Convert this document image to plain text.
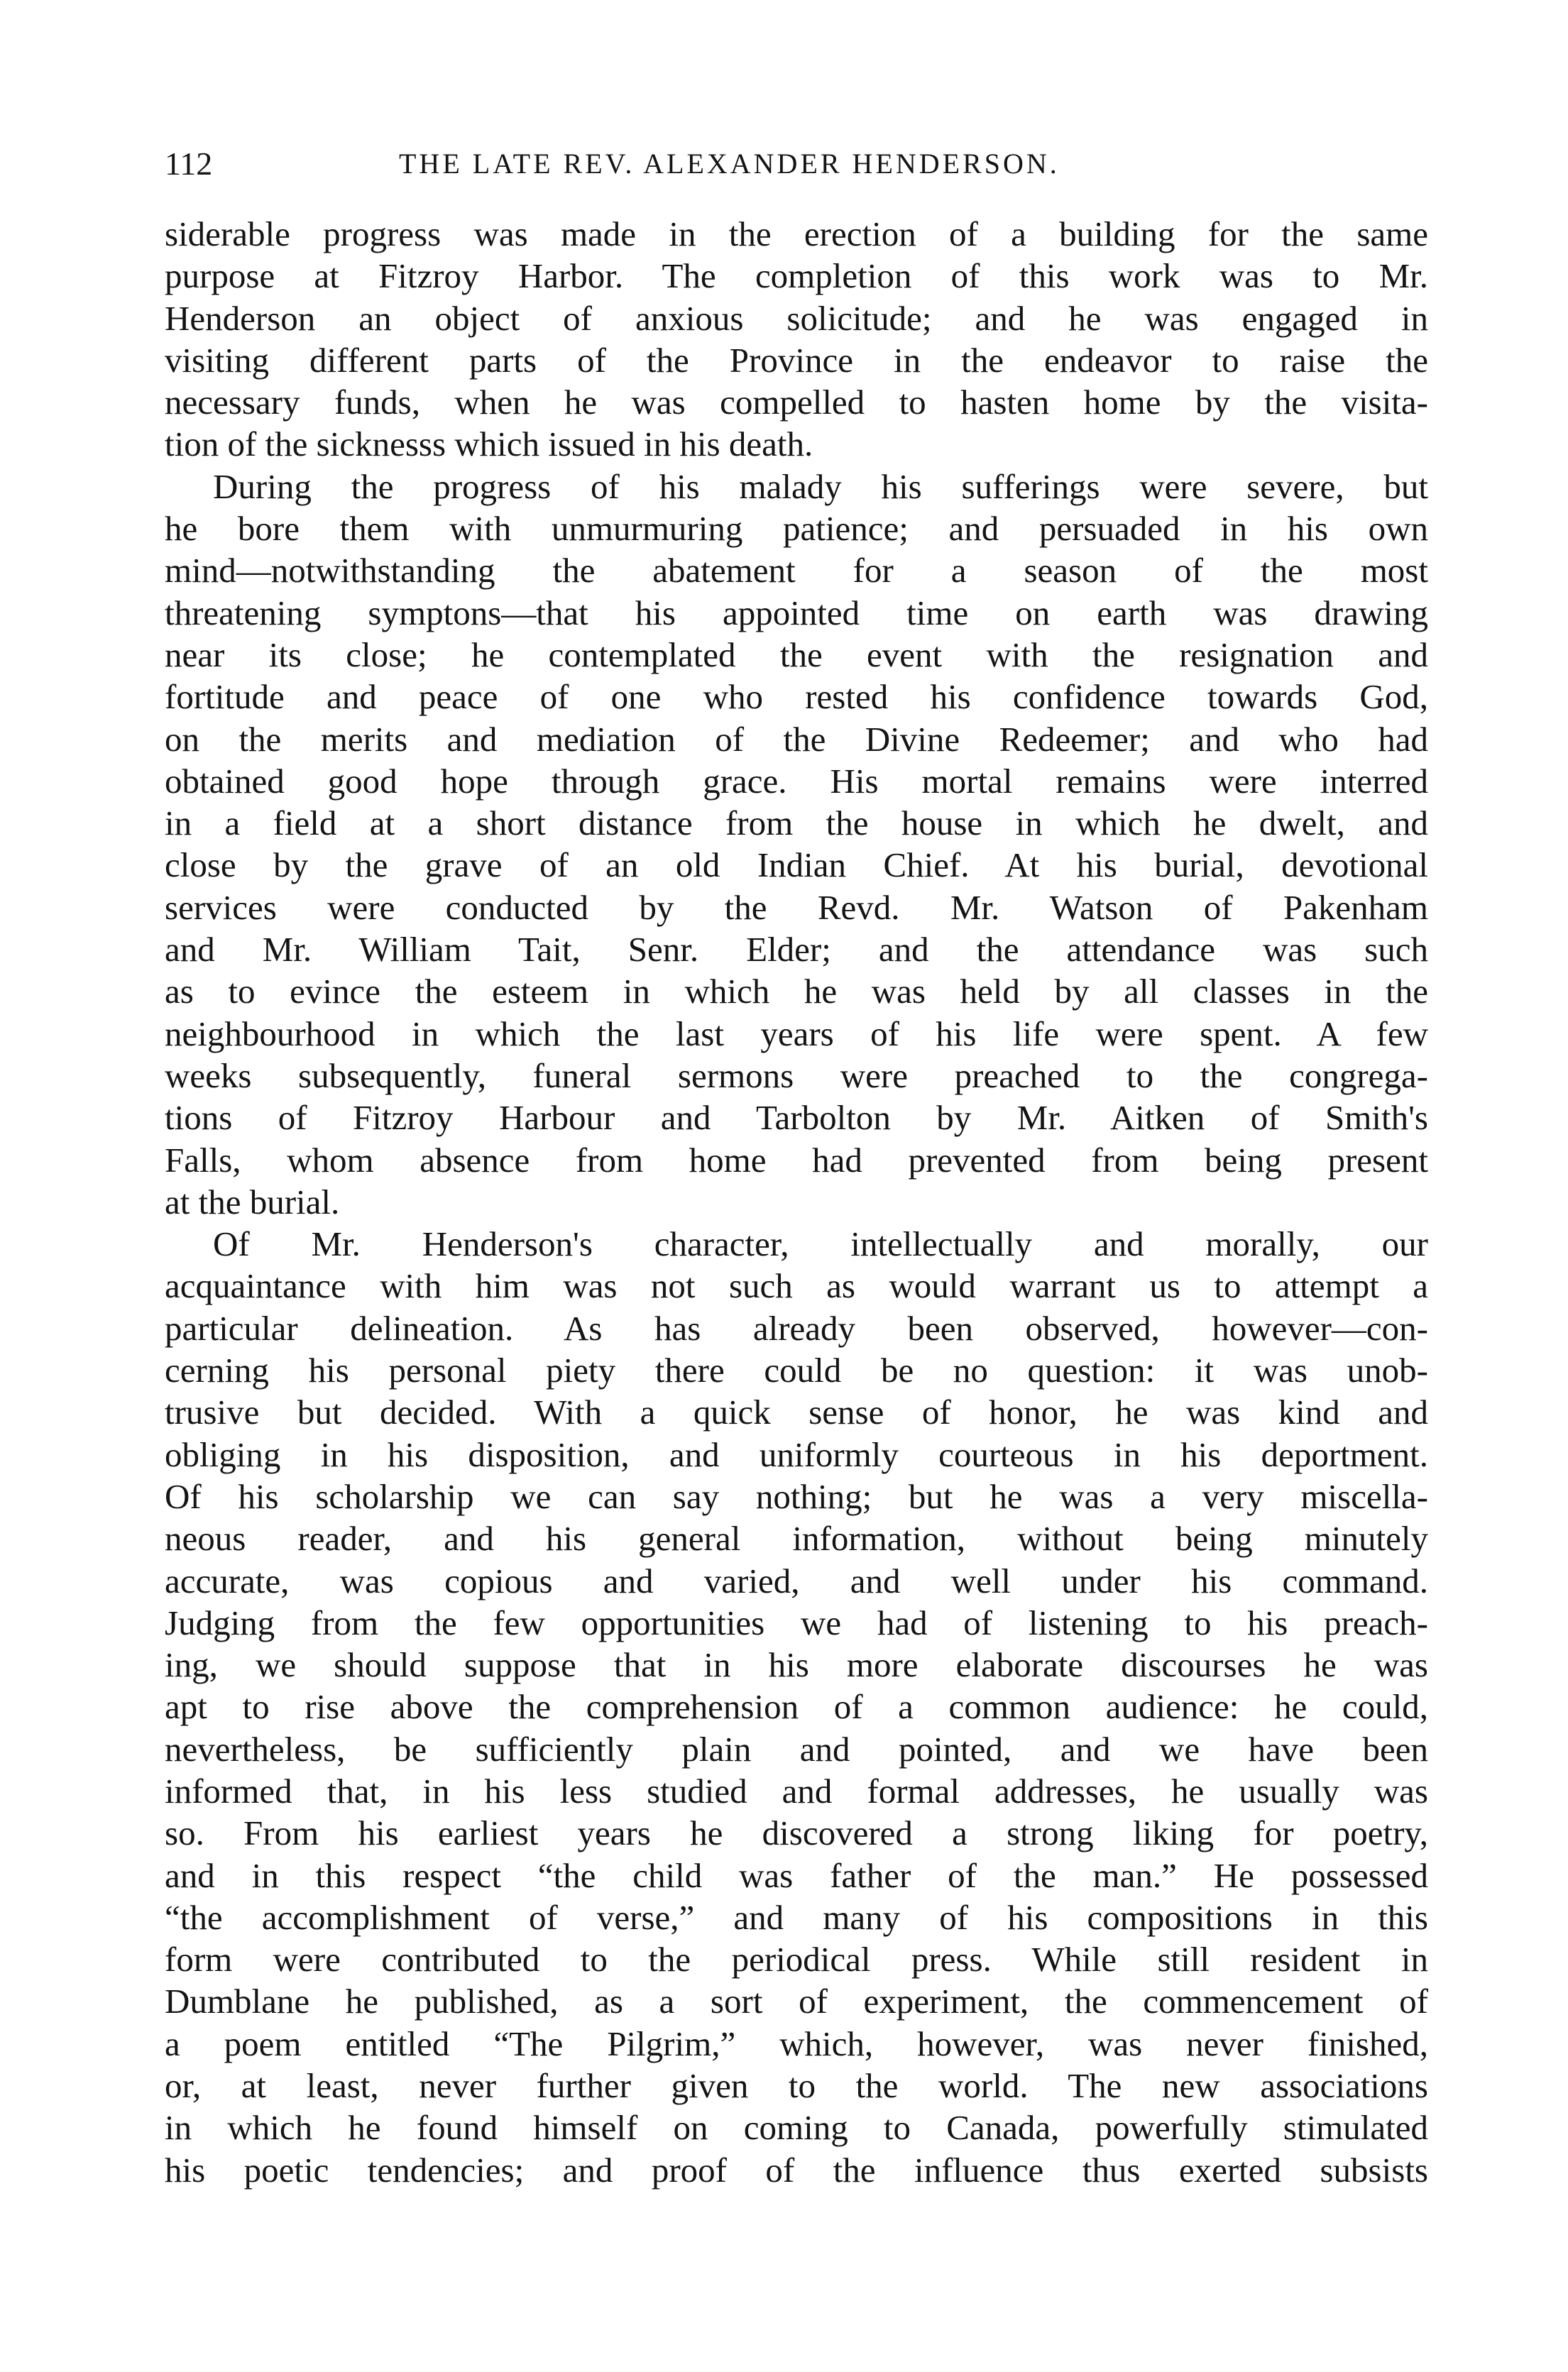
112	THE LATE REV. ALEXANDER HENDERSON.
siderable progress was made in the erection of a building for the same
purpose at Fitzroy Harbor. The completion of this work was to Mr.
Henderson an object of anxious solicitude; and he was engaged in
visiting different parts of the Province in the endeavor to raise the
necessary funds, when he was compelled to hasten home by the visita-
tion of the sicknesss which issued in his death.
During the progress of his malady his sufferings were severe, but
he bore them with unmurmuring patience; and persuaded in his own
mind—notwithstanding the abatement for a season of the most
threatening symptons—that his appointed time on earth was drawing
near its close; he contemplated the event with the resignation and
fortitude and peace of one who rested his confidence towards God,
on the merits and mediation of the Divine Redeemer; and who had
obtained good hope through grace. His mortal remains were interred
in a field at a short distance from the house in which he dwelt, and
close by the grave of an old Indian Chief. At his burial, devotional
services were conducted by the Revd. Mr. Watson of Pakenham
and Mr. William Tait, Senr. Elder; and the attendance was such
as to evince the esteem in which he was held by all classes in the
neighbourhood in which the last years of his life were spent. A few
weeks subsequently, funeral sermons were preached to the congrega-
tions of Fitzroy Harbour and Tarbolton by Mr. Aitken of Smith's
Falls, whom absence from home had prevented from being present
at the burial.
Of Mr. Henderson's character, intellectually and morally, our
acquaintance with him was not such as would warrant us to attempt a
particular delineation. As has already been observed, however—con-
cerning his personal piety there could be no question: it was unob-
trusive but decided. With a quick sense of honor, he was kind and
obliging in his disposition, and uniformly courteous in his deportment.
Of his scholarship we can say nothing; but he was a very miscella-
neous reader, and his general information, without being minutely
accurate, was copious and varied, and well under his command.
Judging from the few opportunities we had of listening to his preach-
ing, we should suppose that in his more elaborate discourses he was
apt to rise above the comprehension of a common audience: he could,
nevertheless, be sufficiently plain and pointed, and we have been
informed that, in his less studied and formal addresses, he usually was
so. From his earliest years he discovered a strong liking for poetry,
and in this respect “the child was father of the man.” He possessed
“the accomplishment of verse,” and many of his compositions in this
form were contributed to the periodical press. While still resident in
Dumblane he published, as a sort of experiment, the commencement of
a poem entitled “The Pilgrim,” which, however, was never finished,
or, at least, never further given to the world. The new associations
in which he found himself on coming to Canada, powerfully stimulated
his poetic tendencies; and proof of the influence thus exerted subsists
